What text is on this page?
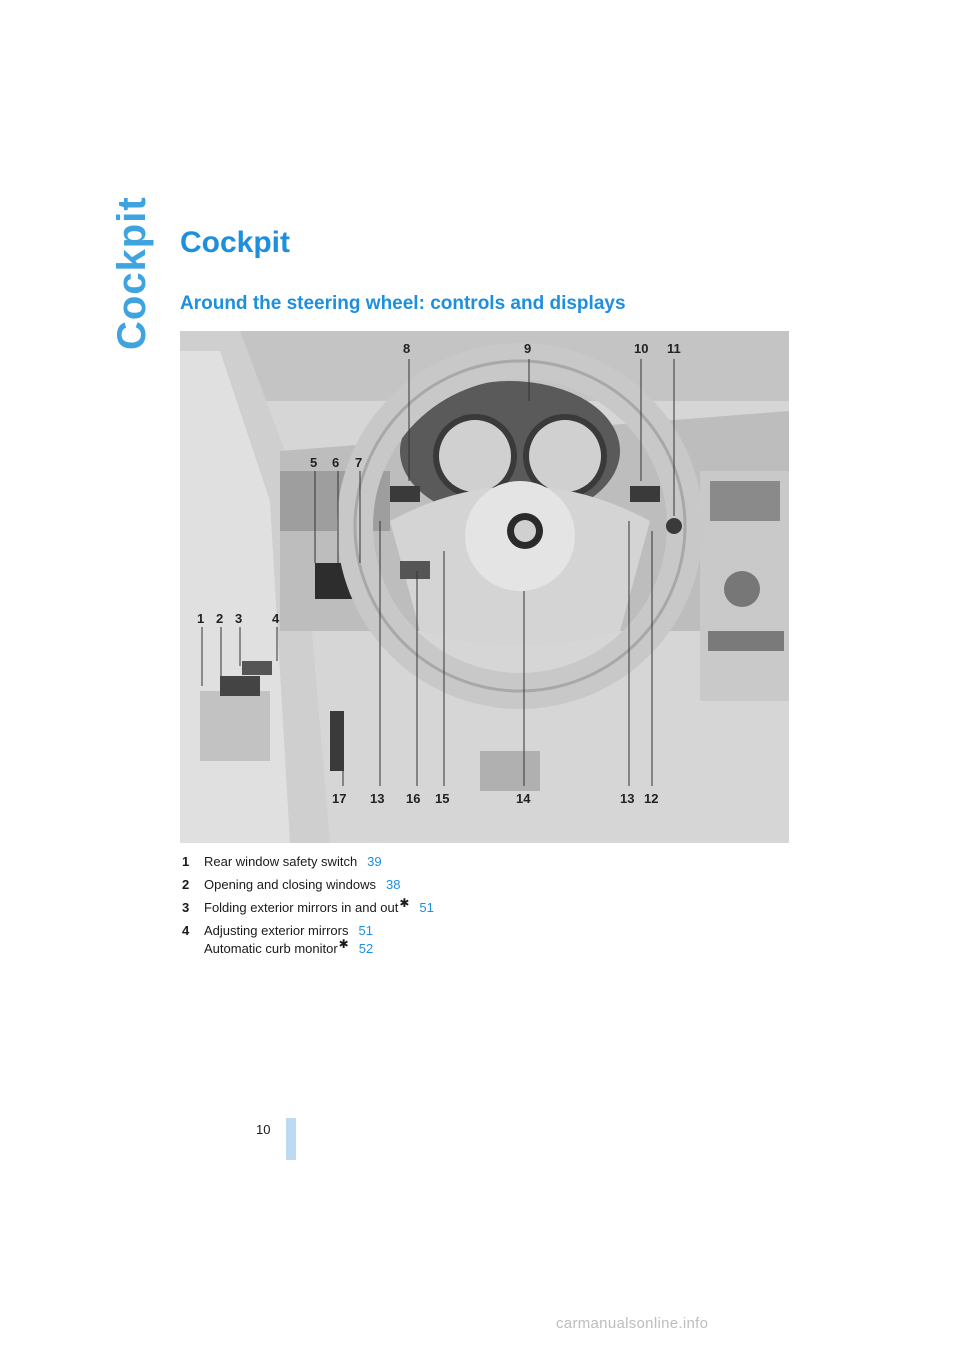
Cockpit Cockpit
Around the steering wheel: controls and displays
8	9	10 11
5 6 7
1 2 3 4
17 13 16 15	14	13 12
1 Rear window safety switch 39
2 Opening and closing windows 38
3 Folding exterior mirrors in and out✱ 51
4 Adjusting exterior mirrors 51
Automatic curb monitor✱ 52
10
carmanualsonline.info
